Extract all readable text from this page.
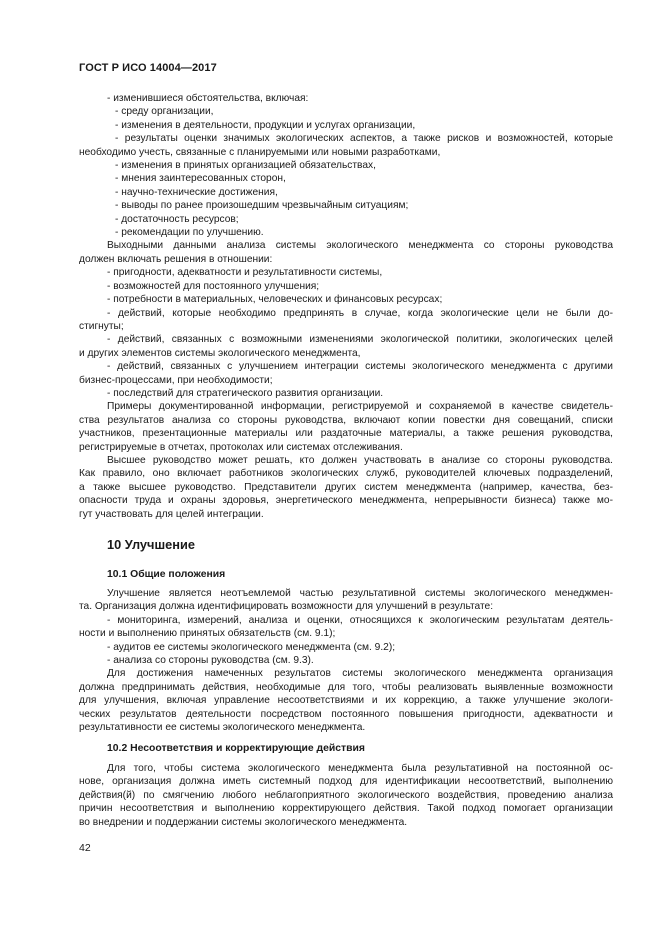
ГОСТ Р ИСО 14004—2017
- изменившиеся обстоятельства, включая:
- среду организации,
- изменения в деятельности, продукции и услугах организации,
- результаты оценки значимых экологических аспектов, а также рисков и возможностей, которые
необходимо учесть, связанные с планируемыми или новыми разработками,
- изменения в принятых организацией обязательствах,
- мнения заинтересованных сторон,
- научно-технические достижения,
- выводы по ранее произошедшим чрезвычайным ситуациям;
- достаточность ресурсов;
- рекомендации по улучшению.
Выходными данными анализа системы экологического менеджмента со стороны руководства
должен включать решения в отношении:
- пригодности, адекватности и результативности системы,
- возможностей для постоянного улучшения;
- потребности в материальных, человеческих и финансовых ресурсах;
- действий, которые необходимо предпринять в случае, когда экологические цели не были до-
стигнуты;
- действий, связанных с возможными изменениями экологической политики, экологических целей
и других элементов системы экологического менеджмента,
- действий, связанных с улучшением интеграции системы экологического менеджмента с другими
бизнес-процессами, при необходимости;
- последствий для стратегического развития организации.
Примеры документированной информации, регистрируемой и сохраняемой в качестве свидетель-
ства результатов анализа со стороны руководства, включают копии повестки дня совещаний, списки
участников, презентационные материалы или раздаточные материалы, а также решения руководства,
регистрируемые в отчетах, протоколах или системах отслеживания.
Высшее руководство может решать, кто должен участвовать в анализе со стороны руководства.
Как правило, оно включает работников экологических служб, руководителей ключевых подразделений,
а также высшее руководство. Представители других систем менеджмента (например, качества, без-
опасности труда и охраны здоровья, энергетического менеджмента, непрерывности бизнеса) также мо-
гут участвовать для целей интеграции.
10 Улучшение
10.1 Общие положения
Улучшение является неотъемлемой частью результативной системы экологического менеджмен-
та. Организация должна идентифицировать возможности для улучшений в результате:
- мониторинга, измерений, анализа и оценки, относящихся к экологическим результатам деятель-
ности и выполнению принятых обязательств (см. 9.1);
- аудитов ее системы экологического менеджмента (см. 9.2);
- анализа со стороны руководства (см. 9.3).
Для достижения намеченных результатов системы экологического менеджмента организация
должна предпринимать действия, необходимые для того, чтобы реализовать выявленные возможности
для улучшения, включая управление несоответствиями и их коррекцию, а также улучшение экологи-
ческих результатов деятельности посредством постоянного повышения пригодности, адекватности и
результативности ее системы экологического менеджмента.
10.2 Несоответствия и корректирующие действия
Для того, чтобы система экологического менеджмента была результативной на постоянной ос-
нове, организация должна иметь системный подход для идентификации несоответствий, выполнению
действия(й) по смягчению любого неблагоприятного экологического воздействия, проведению анализа
причин несоответствия и выполнению корректирующего действия. Такой подход помогает организации
во внедрении и поддержании системы экологического менеджмента.
42
